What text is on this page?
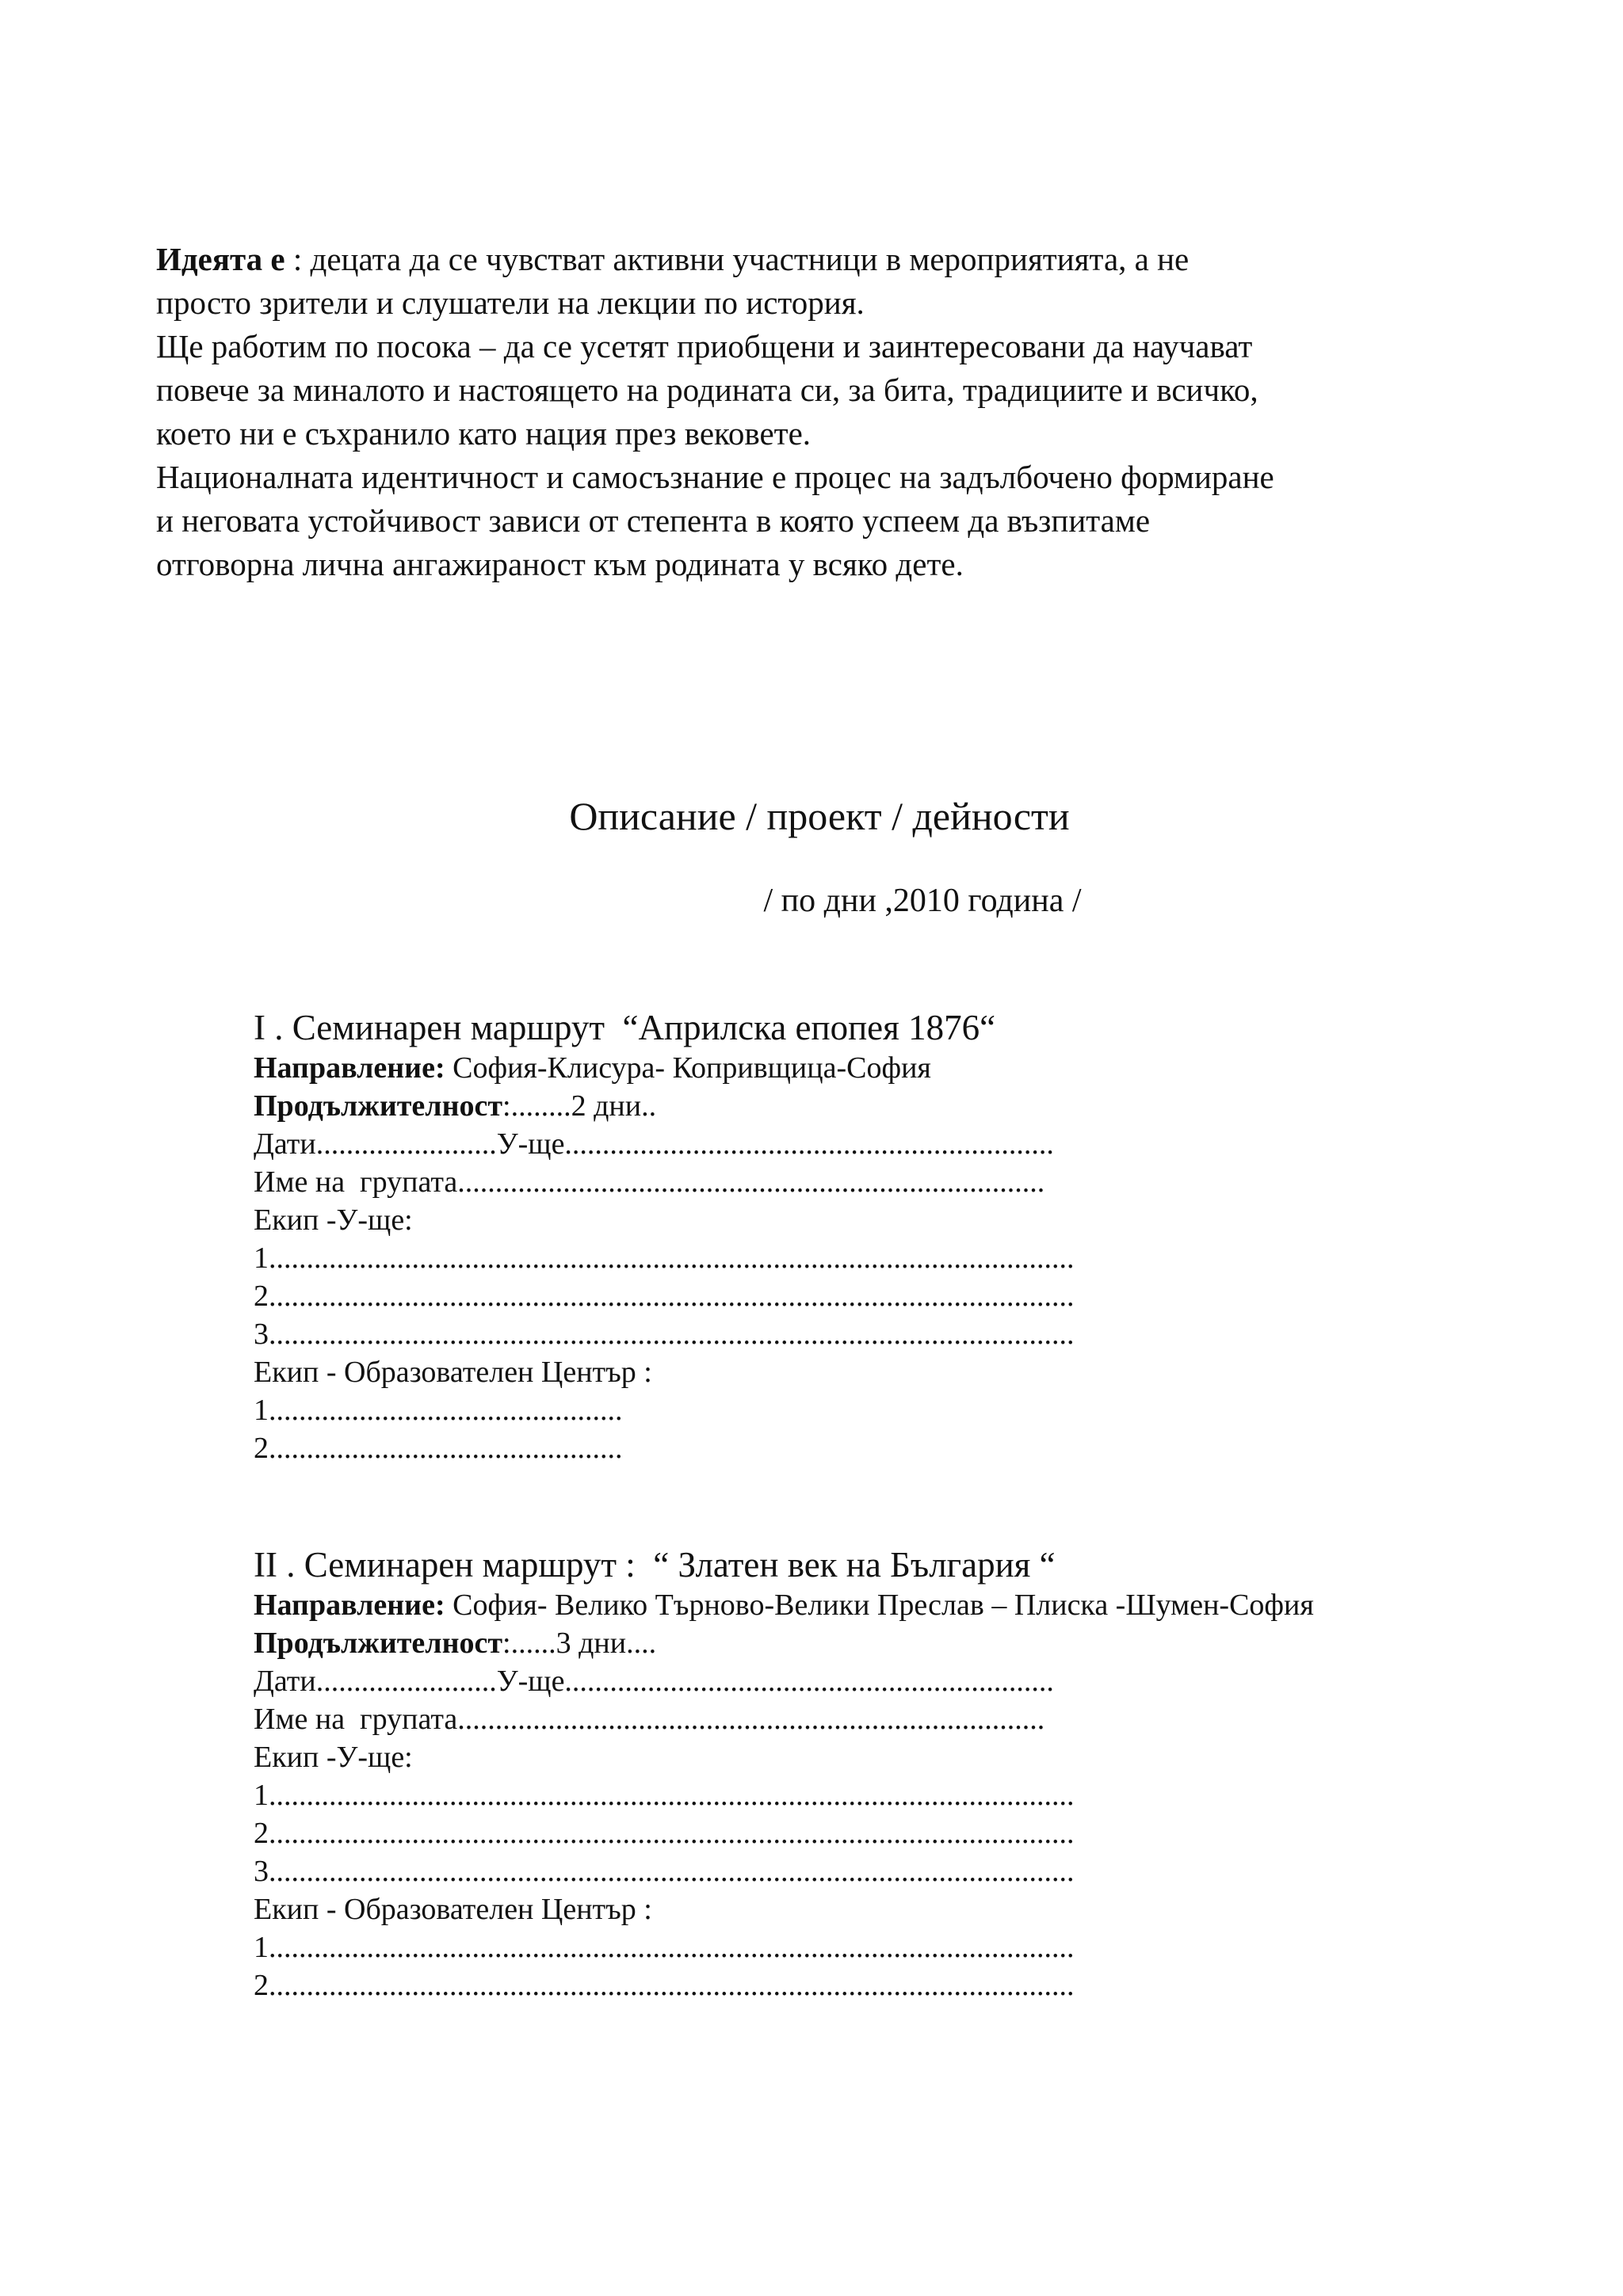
Идеята е : децата да се чувстват активни участници в мероприятията, а не

просто зрители и слушатели на лекции по история.

Ще работим по посока – да се усетят приобщени и заинтересовани да научават

повече за миналото и настоящето на родината си, за бита, традициите и всичко,

което ни е съхранило като нация през вековете.

Националната идентичност и самосъзнание е процес на задълбочено формиране

и неговата устойчивост зависи от степента в която успеем да възпитаме

отговорна лична ангажираност към родината у всяко дете.

Описание / проект / дейности
/ по дни ,2010 година /

I . Семинарен маршрут  “Априлска епопея 1876“

Направление: София-Клисура- Копривщица-София

Продължителност:........2 дни..

Дати........................У-ще.................................................................

Име на  групата..............................................................................

Екип -У-ще:

1...........................................................................................................

2...........................................................................................................

3...........................................................................................................

Екип - Образователен Център :

1...............................................

2...............................................

II . Семинарен маршрут :  “ Златен век на България “

Направление: София- Велико Търново-Велики Преслав – Плиска -Шумен-София

Продължителност:......3 дни....

Дати........................У-ще.................................................................

Име на  групата..............................................................................

Екип -У-ще:

1...........................................................................................................

2...........................................................................................................

3...........................................................................................................

Екип - Образователен Център :

1...........................................................................................................

2...........................................................................................................
